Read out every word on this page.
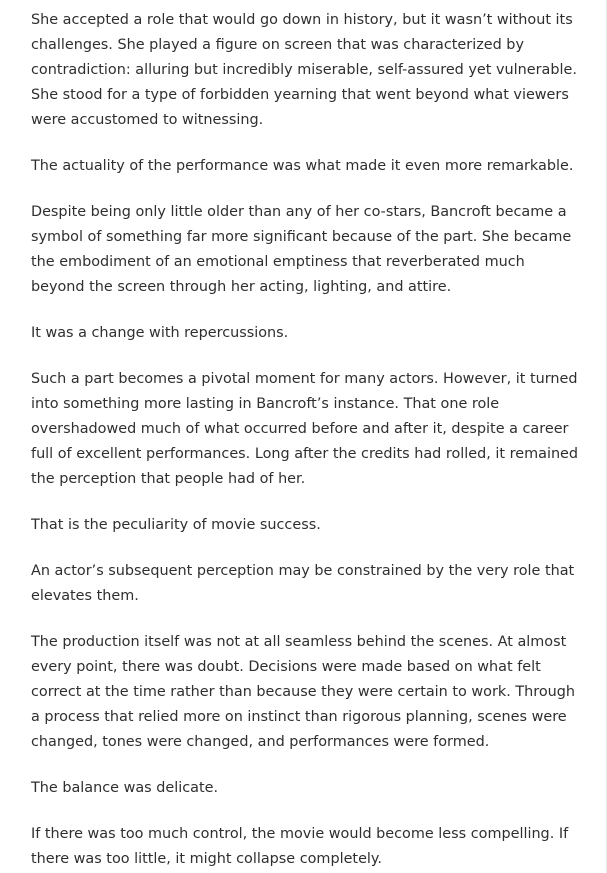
She accepted a role that would go down in history, but it wasn’t without its challenges. She played a figure on screen that was characterized by contradiction: alluring but incredibly miserable, self-assured yet vulnerable. She stood for a type of forbidden yearning that went beyond what viewers were accustomed to witnessing.

The actuality of the performance was what made it even more remarkable.

Despite being only little older than any of her co-stars, Bancroft became a symbol of something far more significant because of the part. She became the embodiment of an emotional emptiness that reverberated much beyond the screen through her acting, lighting, and attire.

It was a change with repercussions.

Such a part becomes a pivotal moment for many actors. However, it turned into something more lasting in Bancroft’s instance. That one role overshadowed much of what occurred before and after it, despite a career full of excellent performances. Long after the credits had rolled, it remained the perception that people had of her.

That is the peculiarity of movie success.

An actor’s subsequent perception may be constrained by the very role that elevates them.

The production itself was not at all seamless behind the scenes. At almost every point, there was doubt. Decisions were made based on what felt correct at the time rather than because they were certain to work. Through a process that relied more on instinct than rigorous planning, scenes were changed, tones were changed, and performances were formed.

The balance was delicate.

If there was too much control, the movie would become less compelling. If there was too little, it might collapse completely.
